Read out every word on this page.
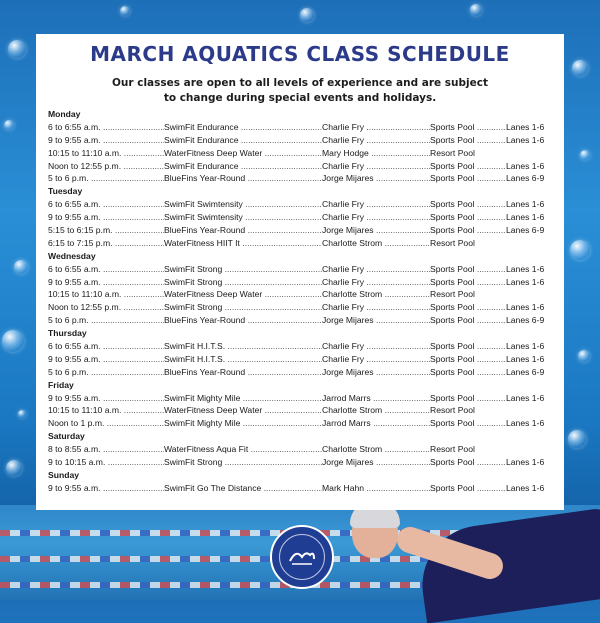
MARCH AQUATICS CLASS SCHEDULE
Our classes are open to all levels of experience and are subject
to change during special events and holidays.
Monday
6 to 6:55 a.m. .....	SwimFit Endurance .....	Charlie Fry .....	Sports Pool .....	Lanes 1-6
9 to 9:55 a.m. .....	SwimFit Endurance .....	Charlie Fry .....	Sports Pool .....	Lanes 1-6
10:15 to 11:10 a.m. .....	WaterFitness Deep Water .....	Mary Hodge .....	Resort Pool
Noon to 12:55 p.m. .....	SwimFit Endurance .....	Charlie Fry .....	Sports Pool .....	Lanes 1-6
5 to 6 p.m. .....	BlueFins Year-Round .....	Jorge Mijares .....	Sports Pool .....	Lanes 6-9
Tuesday
6 to 6:55 a.m. .....	SwimFit Swimtensity .....	Charlie Fry .....	Sports Pool .....	Lanes 1-6
9 to 9:55 a.m. .....	SwimFit Swimtensity .....	Charlie Fry .....	Sports Pool .....	Lanes 1-6
5:15 to 6:15 p.m. .....	BlueFins Year-Round .....	Jorge Mijares .....	Sports Pool .....	Lanes 6-9
6:15 to 7:15 p.m. .....	WaterFitness HIIT It .....	Charlotte Strom .....	Resort Pool
Wednesday
6 to 6:55 a.m. .....	SwimFit Strong .....	Charlie Fry .....	Sports Pool .....	Lanes 1-6
9 to 9:55 a.m. .....	SwimFit Strong .....	Charlie Fry .....	Sports Pool .....	Lanes 1-6
10:15 to 11:10 a.m. .....	WaterFitness Deep Water .....	Charlotte Strom .....	Resort Pool
Noon to 12:55 p.m. .....	SwimFit Strong .....	Charlie Fry .....	Sports Pool .....	Lanes 1-6
5 to 6 p.m. .....	BlueFins Year-Round .....	Jorge Mijares .....	Sports Pool .....	Lanes 6-9
Thursday
6 to 6:55 a.m. .....	SwimFit H.I.T.S. .....	Charlie Fry .....	Sports Pool .....	Lanes 1-6
9 to 9:55 a.m. .....	SwimFit H.I.T.S. .....	Charlie Fry .....	Sports Pool .....	Lanes 1-6
5 to 6 p.m. .....	BlueFins Year-Round .....	Jorge Mijares .....	Sports Pool .....	Lanes 6-9
Friday
9 to 9:55 a.m. .....	SwimFit Mighty Mile .....	Jarrod Marrs .....	Sports Pool .....	Lanes 1-6
10:15 to 11:10 a.m. .....	WaterFitness Deep Water .....	Charlotte Strom .....	Resort Pool
Noon to 1 p.m. .....	SwimFit Mighty Mile .....	Jarrod Marrs .....	Sports Pool .....	Lanes 1-6
Saturday
8 to 8:55 a.m. .....	WaterFitness Aqua Fit .....	Charlotte Strom .....	Resort Pool
9 to 10:15 a.m. .....	SwimFit Strong .....	Jorge Mijares .....	Sports Pool .....	Lanes 1-6
Sunday
9 to 9:55 a.m. .....	SwimFit Go The Distance .....	Mark Hahn .....	Sports Pool .....	Lanes 1-6
